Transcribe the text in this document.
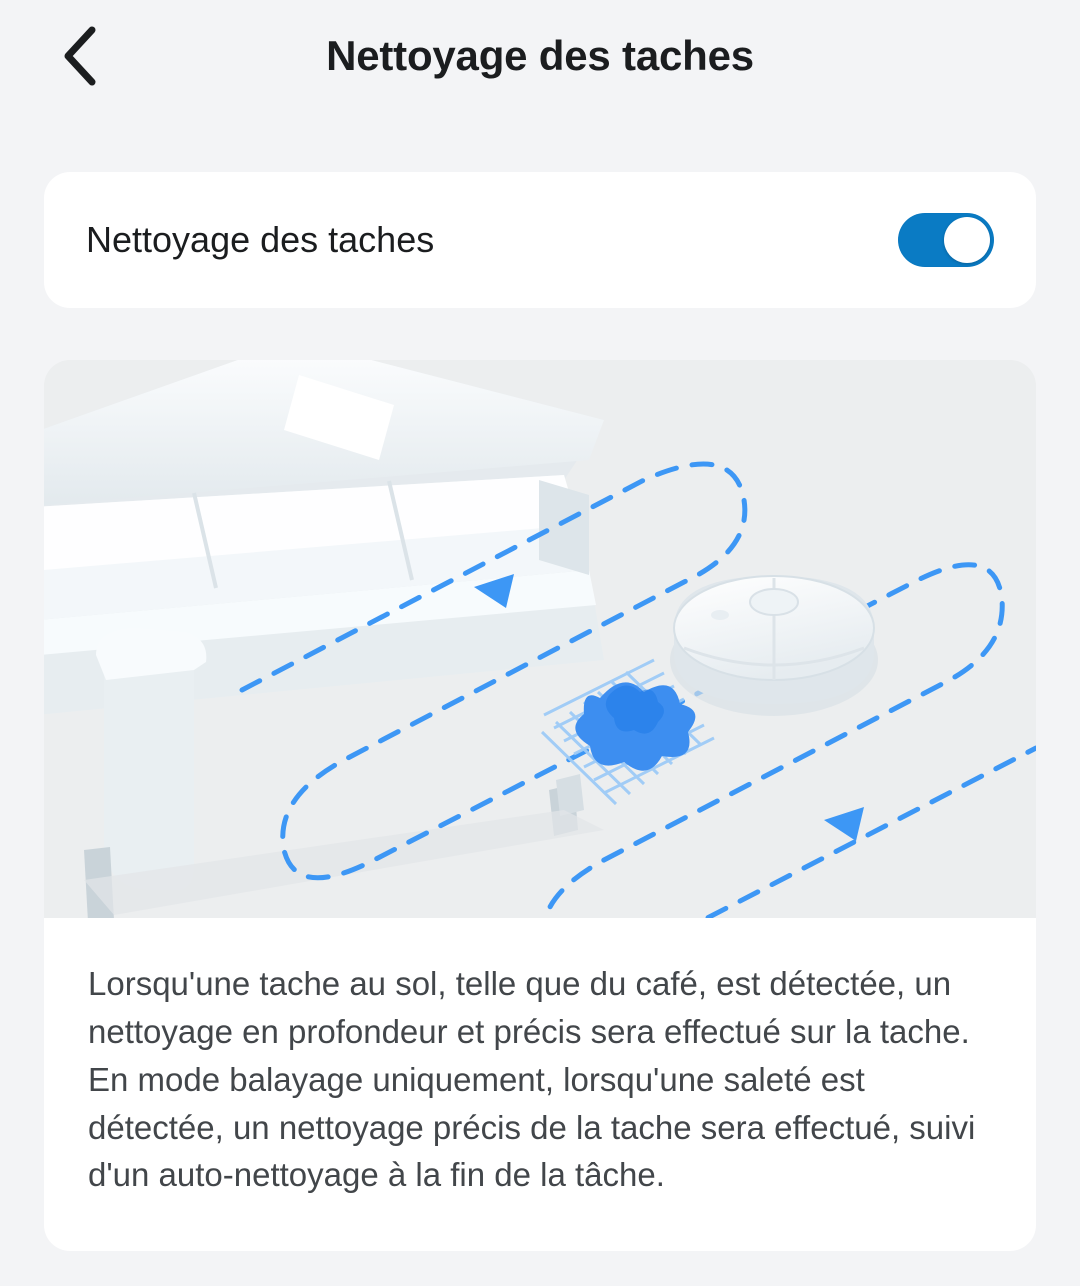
Nettoyage des taches
Nettoyage des taches

Lorsqu'une tache au sol, telle que du café, est détectée, un nettoyage en profondeur et précis sera effectué sur la tache. En mode balayage uniquement, lorsqu'une saleté est détectée, un nettoyage précis de la tache sera effectué, suivi d'un auto-nettoyage à la fin de la tâche.
